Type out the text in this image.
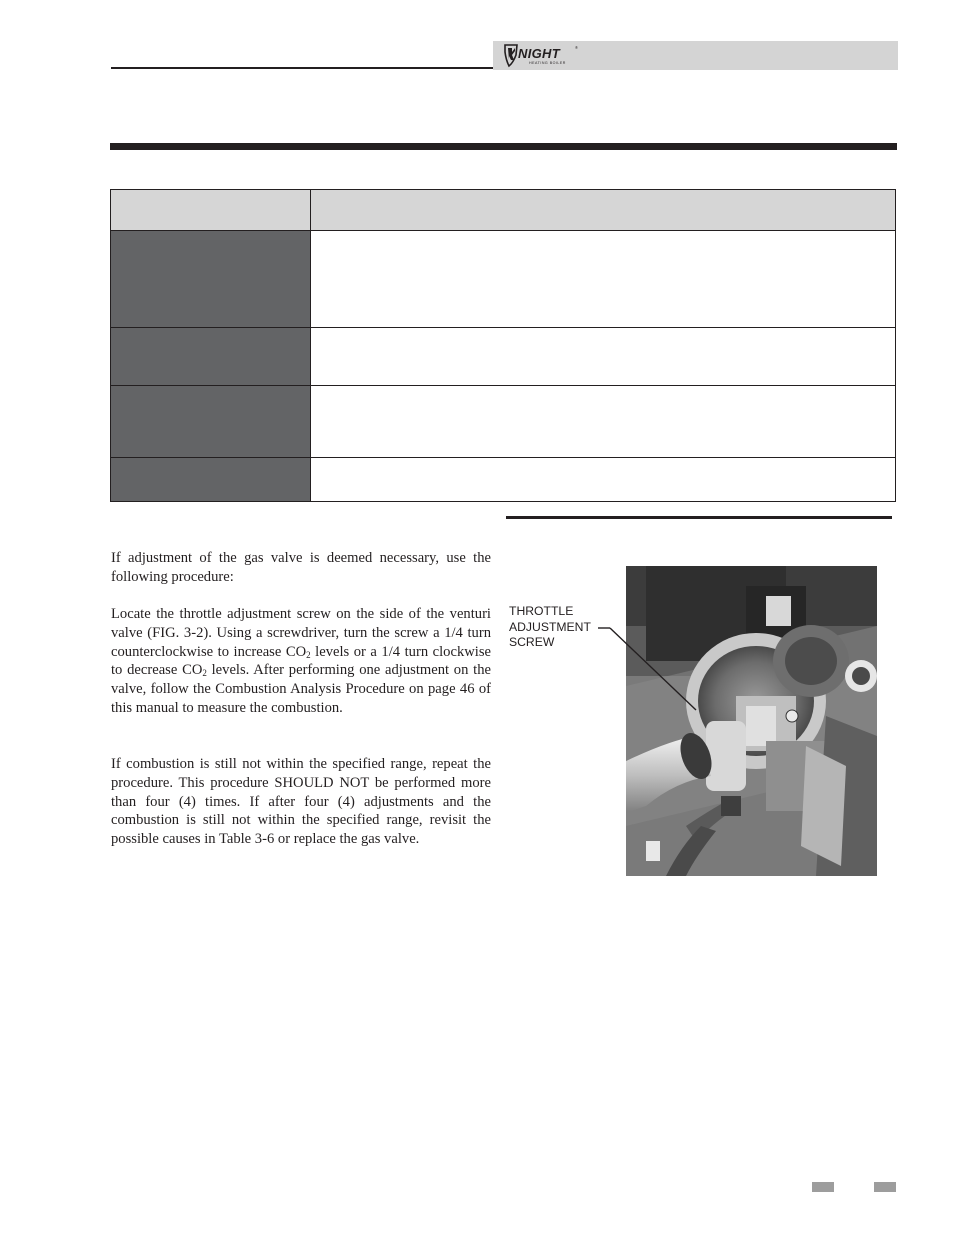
NIGHT
HEATING BOILER
®

If adjustment of the gas valve is deemed necessary, use the following procedure:

Locate the throttle adjustment screw on the side of the venturi valve (FIG. 3-2). Using a screwdriver, turn the screw a 1/4 turn counterclockwise to increase $CO_2$ levels or a 1/4 turn clockwise to decrease $CO_2$ levels. After performing one adjustment on the valve, follow the Combustion Analysis Procedure on page 46 of this manual to measure the combustion.

If combustion is still not within the specified range, repeat the procedure. This procedure SHOULD NOT be performed more than four (4) times. If after four (4) adjustments and the combustion is still not within the specified range, revisit the possible causes in Table 3-6 or replace the gas valve.

THROTTLE
ADJUSTMENT
SCREW
